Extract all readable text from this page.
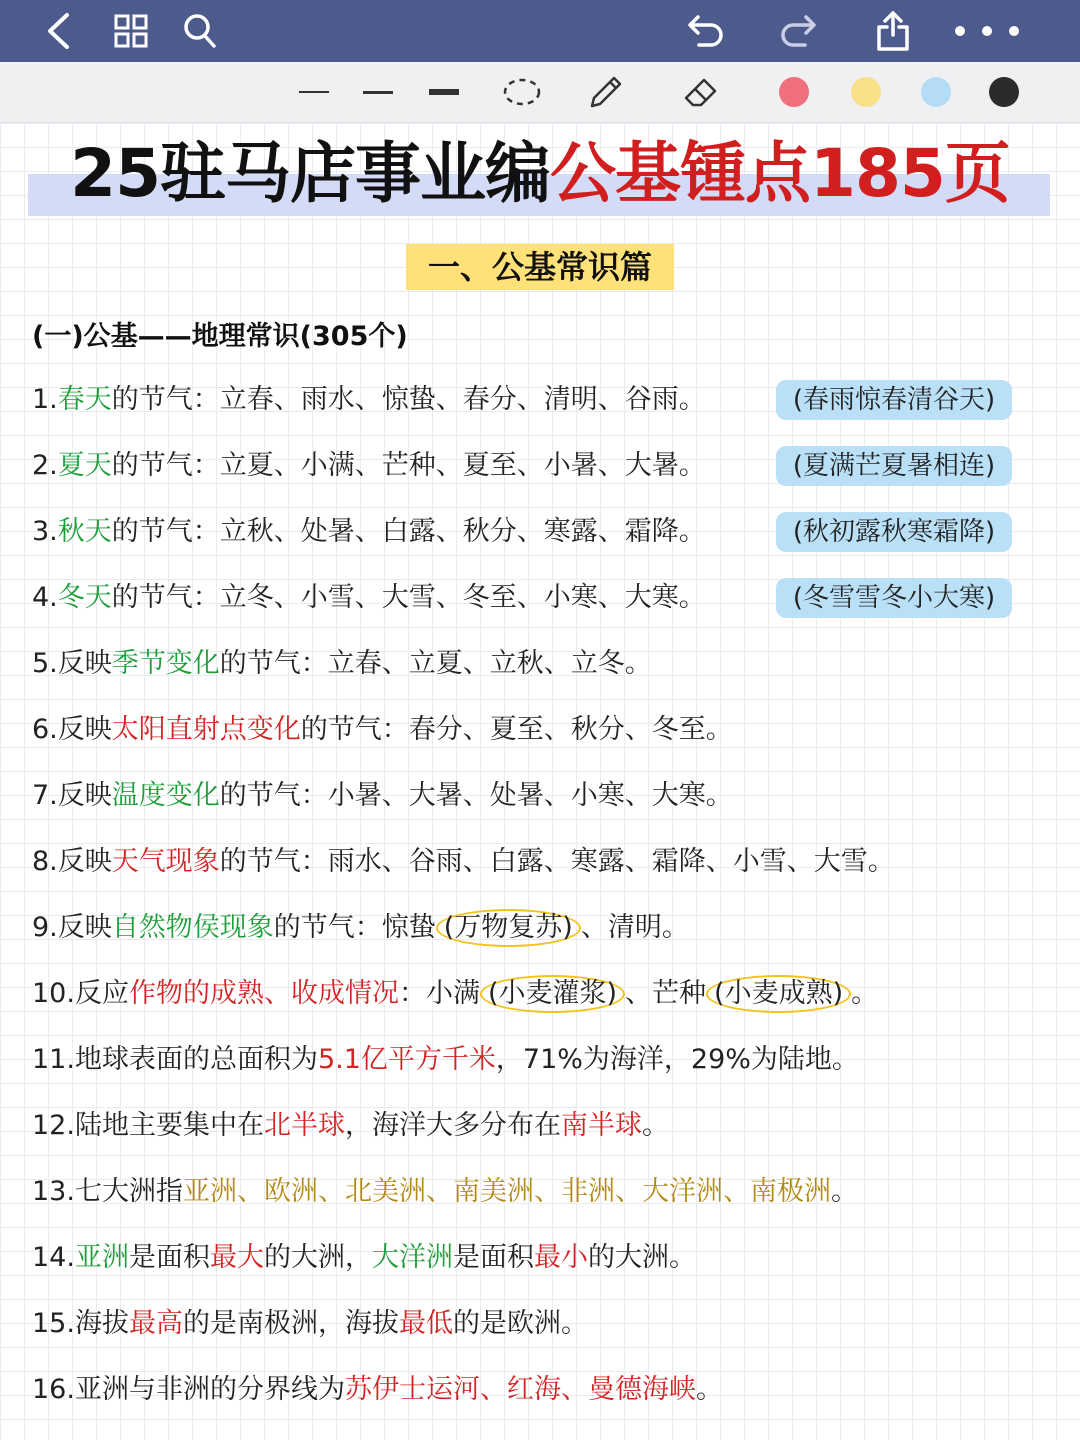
25驻马店事业编公基锺点185页
一、公基常识篇
(一)公基——地理常识(305个)
1.春天的节气：立春、雨水、惊蛰、春分、清明、谷雨。	(春雨惊春清谷天)
2.夏天的节气：立夏、小满、芒种、夏至、小暑、大暑。	(夏满芒夏暑相连)
3.秋天的节气：立秋、处暑、白露、秋分、寒露、霜降。	(秋初露秋寒霜降)
4.冬天的节气：立冬、小雪、大雪、冬至、小寒、大寒。	(冬雪雪冬小大寒)
5.反映季节变化的节气：立春、立夏、立秋、立冬。
6.反映太阳直射点变化的节气：春分、夏至、秋分、冬至。
7.反映温度变化的节气：小暑、大暑、处暑、小寒、大寒。
8.反映天气现象的节气：雨水、谷雨、白露、寒露、霜降、小雪、大雪。
9.反映自然物侯现象的节气：惊蛰 (万物复苏) 、清明。
10.反应作物的成熟、收成情况：小满 (小麦灌浆) 、芒种 (小麦成熟) 。
11.地球表面的总面积为5.1亿平方千米，71%为海洋，29%为陆地。
12.陆地主要集中在北半球，海洋大多分布在南半球。
13.七大洲指亚洲、欧洲、北美洲、南美洲、非洲、大洋洲、南极洲。
14.亚洲是面积最大的大洲，大洋洲是面积最小的大洲。
15.海拔最高的是南极洲，海拔最低的是欧洲。
16.亚洲与非洲的分界线为苏伊士运河、红海、曼德海峡。
